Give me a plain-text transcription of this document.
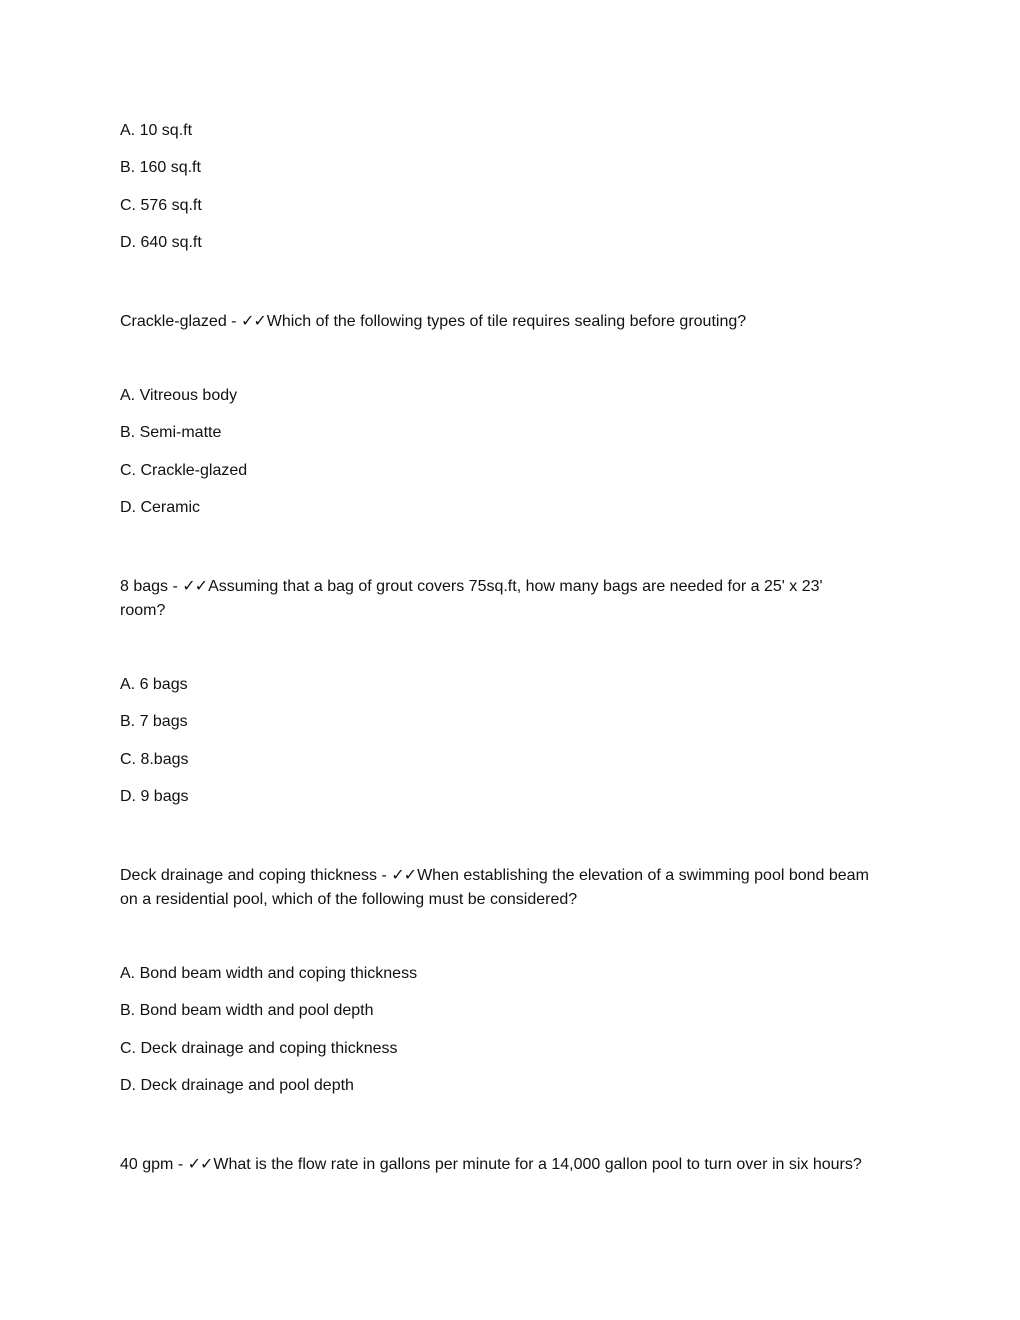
A. 10 sq.ft
B. 160 sq.ft
C. 576 sq.ft
D. 640 sq.ft
Crackle-glazed - ✓✓Which of the following types of tile requires sealing before grouting?
A. Vitreous body
B. Semi-matte
C. Crackle-glazed
D. Ceramic
8 bags - ✓✓Assuming that a bag of grout covers 75sq.ft, how many bags are needed for a 25' x 23' room?
A. 6 bags
B. 7 bags
C. 8.bags
D. 9 bags
Deck drainage and coping thickness - ✓✓When establishing the elevation of a swimming pool bond beam on a residential pool, which of the following must be considered?
A. Bond beam width and coping thickness
B. Bond beam width and pool depth
C. Deck drainage and coping thickness
D. Deck drainage and pool depth
40 gpm - ✓✓What is the flow rate in gallons per minute for a 14,000 gallon pool to turn over in six hours?
